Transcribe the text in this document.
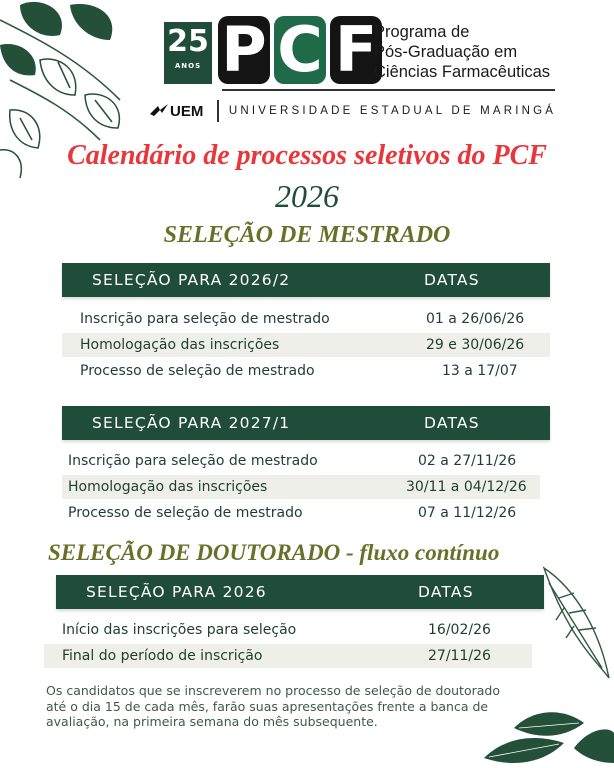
25
ANOS P C F
Programa de
Pós-Graduação em
Ciências Farmacêuticas
UEM UNIVERSIDADE ESTADUAL DE MARINGÁ
Calendário de processos seletivos do PCF
2026
SELEÇÃO DE MESTRADO
SELEÇÃO PARA 2026/2	DATAS
Inscrição para seleção de mestrado	01 a 26/06/26
Homologação das inscrições	29 e 30/06/26
Processo de seleção de mestrado	13 a 17/07
SELEÇÃO PARA 2027/1	DATAS
Inscrição para seleção de mestrado	02 a 27/11/26
Homologação das inscrições	30/11 a 04/12/26
Processo de seleção de mestrado	07 a 11/12/26
SELEÇÃO DE DOUTORADO - fluxo contínuo
SELEÇÃO PARA 2026	DATAS
Início das inscrições para seleção	16/02/26
Final do período de inscrição	27/11/26
Os candidatos que se inscreverem no processo de seleção de doutorado até o dia 15 de cada mês, farão suas apresentações frente a banca de avaliação, na primeira semana do mês subsequente.
